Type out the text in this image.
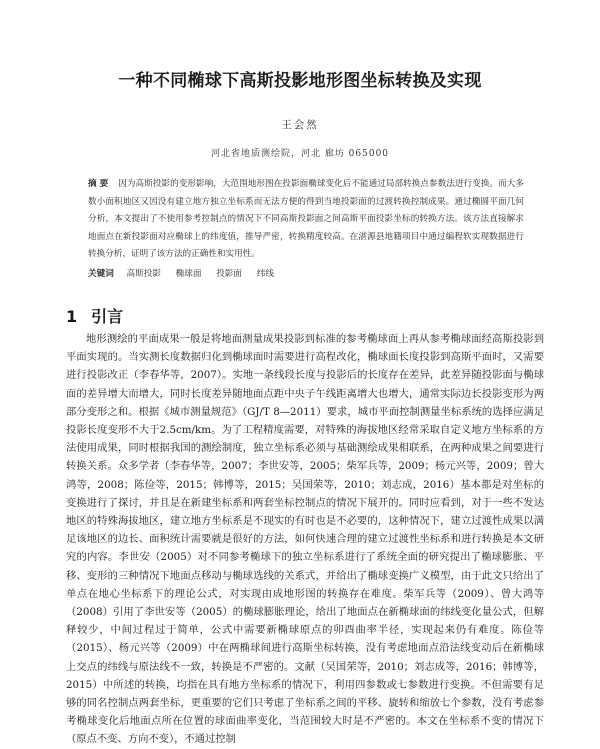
一种不同椭球下高斯投影地形图坐标转换及实现
王会然
河北省地质测绘院，河北 廊坊 065000
摘 要 因为高斯投影的变形影响，大范围地形图在投影面椭球变化后不能通过局部转换点参数法进行变换。而大多数小面积地区又因没有建立地方独立坐标系而无法方便的得到当地投影面的过渡转换控制成果。通过椭圆平面几何分析，本文提出了不使用参考控制点的情况下不同高斯投影面之间高斯平面投影坐标的转换方法。该方法直接解求地面点在新投影面对应椭球上的纬度值，推导严密，转换精度较高。在湛源县地籍项目中通过编程软实现数据进行转换分析，证明了该方法的正确性和实用性。
关键词 高斯投影 椭球面 投影面 纬线
1 引言
地形测绘的平面成果一般是将地面测量成果投影到标准的参考椭球面上再从参考椭球面经高斯投影到平面实现的。当实测长度数据归化到椭球面时需要进行高程改化，椭球面长度投影到高斯平面时，又需要进行投影改正（李春华等，2007）。实地一条线段长度与投影后的长度存在差异，此差异随投影面与椭球面的差异增大而增大，同时长度差异随地面点距中央子午线距离增大也增大，通常实际边长投影变形为两部分变形之和。根据《城市测量规范》（GJ/T 8—2011）要求，城市平面控制测量坐标系统的选择应满足投影长度变形不大于2.5cm/km。为了工程精度需要，对特殊的海拔地区经常采取自定义地方坐标系的方法使用成果，同时根据我国的测绘制度，独立坐标系必须与基础测绘成果相联系，在两种成果之间要进行转换关系。众多学者（李春华等，2007；李世安等，2005；柴军兵等，2009；杨元兴等，2009；曾大鸿等，2008；陈俭等，2015；韩博等，2015；吴国荣等，2010；刘志成，2016）基本都是对坐标的变换进行了探讨，并且是在新建坐标系和两套坐标控制点的情况下展开的。同时应看到，对于一些不发达地区的特殊海拔地区，建立地方坐标系是不现实的有时也是不必要的，这种情况下，建立过渡性成果以满足该地区的边长、面积统计需要就是很好的方法，如何快速合理的建立过渡性坐标系和进行转换是本文研究的内容。李世安（2005）对不同参考椭球下的独立坐标系进行了系统全面的研究提出了椭球膨胀、平移、变形的三种情况下地面点移动与椭球选线的关系式，并给出了椭球变换广义模型，由于此文只给出了单点在地心坐标系下的理论公式，对实现由成地形图的转换存在难度。柴军兵等（2009）、曾大鸿等（2008）引用了李世安等（2005）的椭球膨胀理论，给出了地面点在新椭球面的纬线变化量公式，但解释较少，中间过程过于简单，公式中需要新椭球原点的卯酉曲率半径，实现起来仍有难度。陈俭等（2015）、杨元兴等（2009）中在两椭球间进行高斯坐标转换，没有考虑地面点沿法线变动后在新椭球上交点的纬线与原法线不一致，转换是不严密的。文献（吴国荣等，2010；刘志成等，2016；韩博等，2015）中所述的转换，均指在具有地方坐标系的情况下，利用四参数或七参数进行变换。不但需要有足够的同名控制点两套坐标，更重要的它们只考虑了坐标系之间的平移、旋转和缩放七个参数，没有考虑参考椭球变化后地面点所在位置的球面曲率变化，当范围较大时是不严密的。本文在坐标系不变的情况下（原点不变、方向不变），不通过控制
